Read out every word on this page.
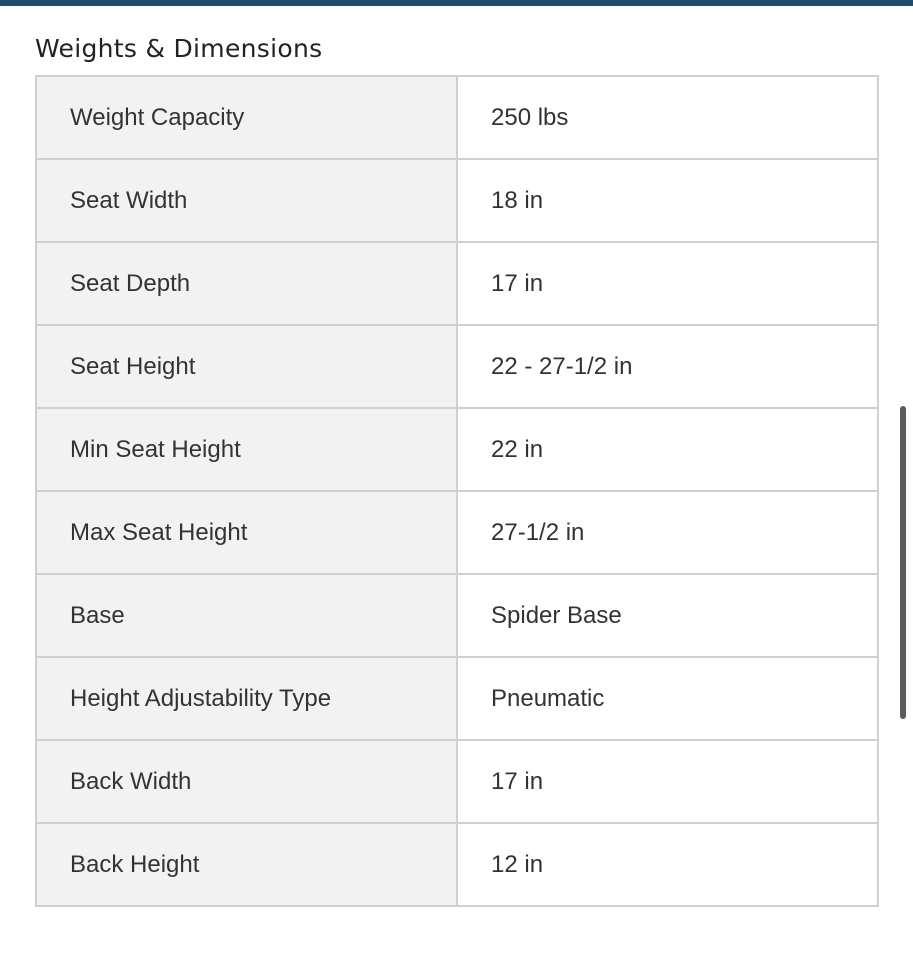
Weights & Dimensions
Weight Capacity	250 lbs
Seat Width	18 in
Seat Depth	17 in
Seat Height	22 - 27-1/2 in
Min Seat Height	22 in
Max Seat Height	27-1/2 in
Base	Spider Base
Height Adjustability Type	Pneumatic
Back Width	17 in
Back Height	12 in
